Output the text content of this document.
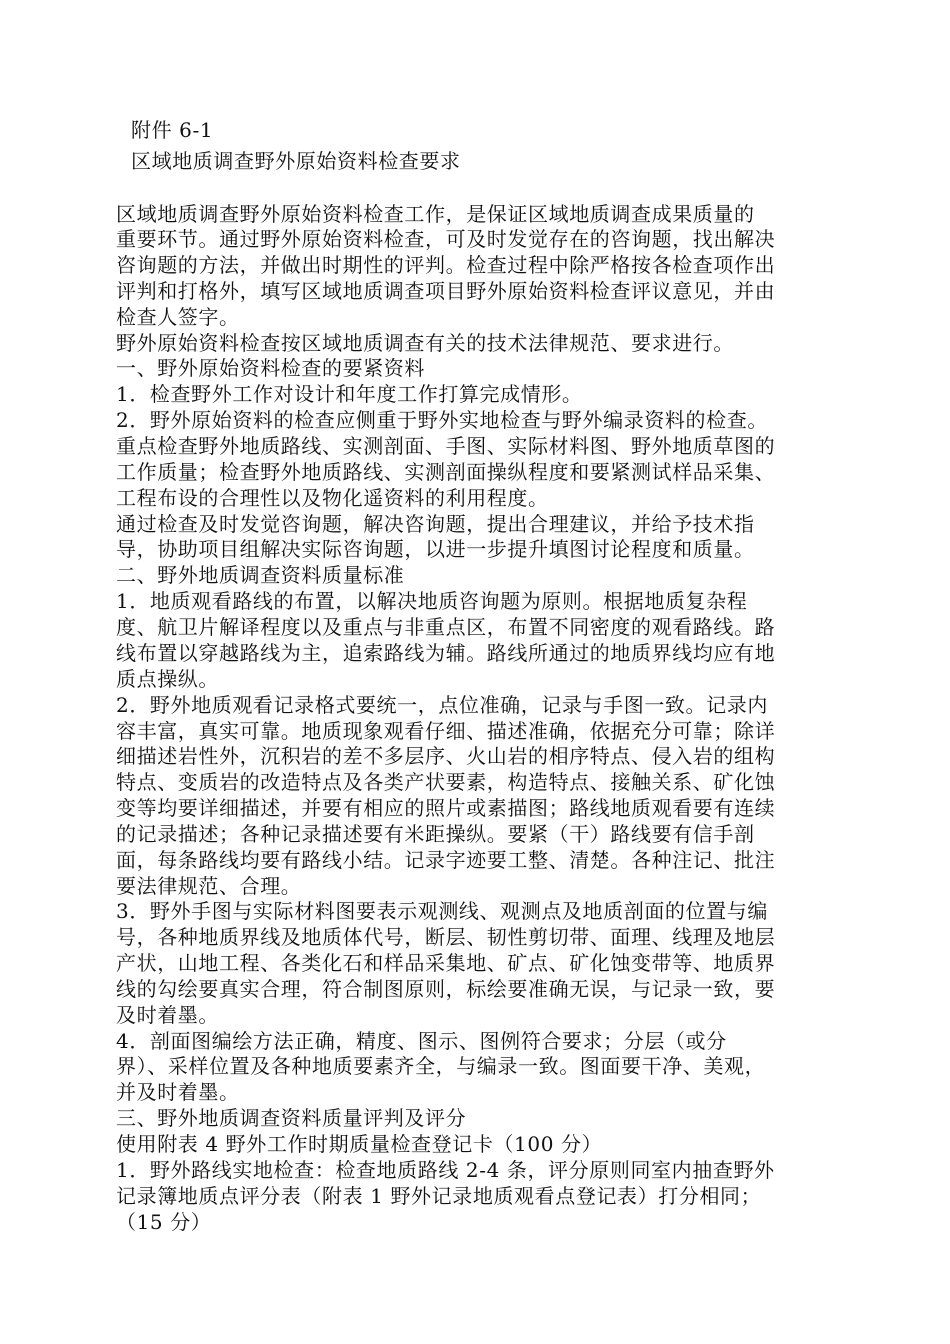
附件 6-1
区域地质调查野外原始资料检查要求
区域地质调查野外原始资料检查工作，是保证区域地质调查成果质量的
重要环节。通过野外原始资料检查，可及时发觉存在的咨询题，找出解决
咨询题的方法，并做出时期性的评判。检查过程中除严格按各检查项作出
评判和打格外，填写区域地质调查项目野外原始资料检查评议意见，并由
检查人签字。
野外原始资料检查按区域地质调查有关的技术法律规范、要求进行。
一、野外原始资料检查的要紧资料
1．检查野外工作对设计和年度工作打算完成情形。
2．野外原始资料的检查应侧重于野外实地检查与野外编录资料的检查。
重点检查野外地质路线、实测剖面、手图、实际材料图、野外地质草图的
工作质量；检查野外地质路线、实测剖面操纵程度和要紧测试样品采集、
工程布设的合理性以及物化遥资料的利用程度。
通过检查及时发觉咨询题，解决咨询题，提出合理建议，并给予技术指
导，协助项目组解决实际咨询题，以进一步提升填图讨论程度和质量。
二、野外地质调查资料质量标准
1．地质观看路线的布置，以解决地质咨询题为原则。根据地质复杂程
度、航卫片解译程度以及重点与非重点区，布置不同密度的观看路线。路
线布置以穿越路线为主，追索路线为辅。路线所通过的地质界线均应有地
质点操纵。
2．野外地质观看记录格式要统一，点位准确，记录与手图一致。记录内
容丰富，真实可靠。地质现象观看仔细、描述准确，依据充分可靠；除详
细描述岩性外，沉积岩的差不多层序、火山岩的相序特点、侵入岩的组构
特点、变质岩的改造特点及各类产状要素，构造特点、接触关系、矿化蚀
变等均要详细描述，并要有相应的照片或素描图；路线地质观看要有连续
的记录描述；各种记录描述要有米距操纵。要紧（干）路线要有信手剖
面，每条路线均要有路线小结。记录字迹要工整、清楚。各种注记、批注
要法律规范、合理。
3．野外手图与实际材料图要表示观测线、观测点及地质剖面的位置与编
号，各种地质界线及地质体代号，断层、韧性剪切带、面理、线理及地层
产状，山地工程、各类化石和样品采集地、矿点、矿化蚀变带等、地质界
线的勾绘要真实合理，符合制图原则，标绘要准确无误，与记录一致，要
及时着墨。
4．剖面图编绘方法正确，精度、图示、图例符合要求；分层（或分
界）、采样位置及各种地质要素齐全，与编录一致。图面要干净、美观，
并及时着墨。
三、野外地质调查资料质量评判及评分
使用附表 4 野外工作时期质量检查登记卡（100 分）
1．野外路线实地检查：检查地质路线 2-4 条，评分原则同室内抽查野外
记录簿地质点评分表（附表 1 野外记录地质观看点登记表）打分相同；
（15 分）
